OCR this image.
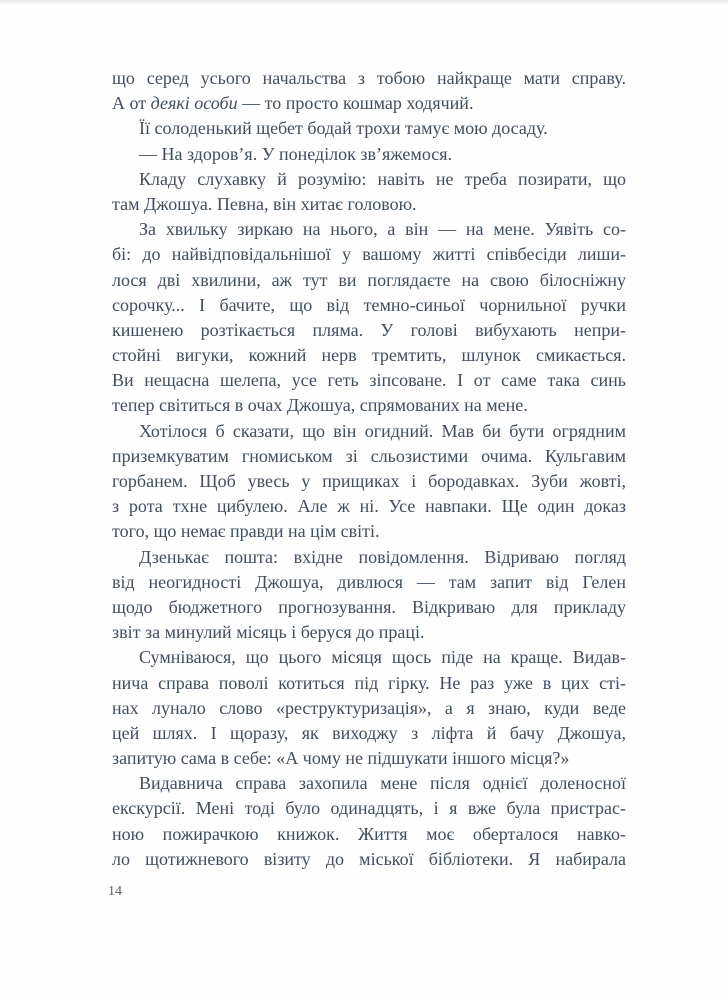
що серед усього начальства з тобою найкраще мати справу.
А от деякі особи — то просто кошмар ходячий.
Її солоденький щебет бодай трохи тамує мою досаду.
— На здоров’я. У понеділок зв’яжемося.
Кладу слухавку й розумію: навіть не треба позирати, що
там Джошуа. Певна, він хитає головою.
За хвильку зиркаю на нього, а він — на мене. Уявіть со-
бі: до найвідповідальнішої у вашому житті співбесіди лиши-
лося дві хвилини, аж тут ви поглядаєте на свою білосніжну
сорочку... І бачите, що від темно-синьої чорнильної ручки
кишенею розтікається пляма. У голові вибухають непри-
стойні вигуки, кожний нерв тремтить, шлунок смикається.
Ви нещасна шелепа, усе геть зіпсоване. І от саме така синь
тепер світиться в очах Джошуа, спрямованих на мене.
Хотілося б сказати, що він огидний. Мав би бути огрядним
приземкуватим гномиськом зі сльозистими очима. Кульгавим
горбанем. Щоб увесь у прищиках і бородавках. Зуби жовті,
з рота тхне цибулею. Але ж ні. Усе навпаки. Ще один доказ
того, що немає правди на цім світі.
Дзенькає пошта: вхідне повідомлення. Відриваю погляд
від неогидності Джошуа, дивлюся — там запит від Гелен
щодо бюджетного прогнозування. Відкриваю для прикладу
звіт за минулий місяць і беруся до праці.
Сумніваюся, що цього місяця щось піде на краще. Видав-
нича справа поволі котиться під гірку. Не раз уже в цих сті-
нах лунало слово «реструктуризація», а я знаю, куди веде
цей шлях. І щоразу, як виходжу з ліфта й бачу Джошуа,
запитую сама в себе: «А чому не підшукати іншого місця?»
Видавнича справа захопила мене після однієї доленосної
екскурсії. Мені тоді було одинадцять, і я вже була пристрас-
ною пожирачкою книжок. Життя моє оберталося навко-
ло щотижневого візиту до міської бібліотеки. Я набирала
14
